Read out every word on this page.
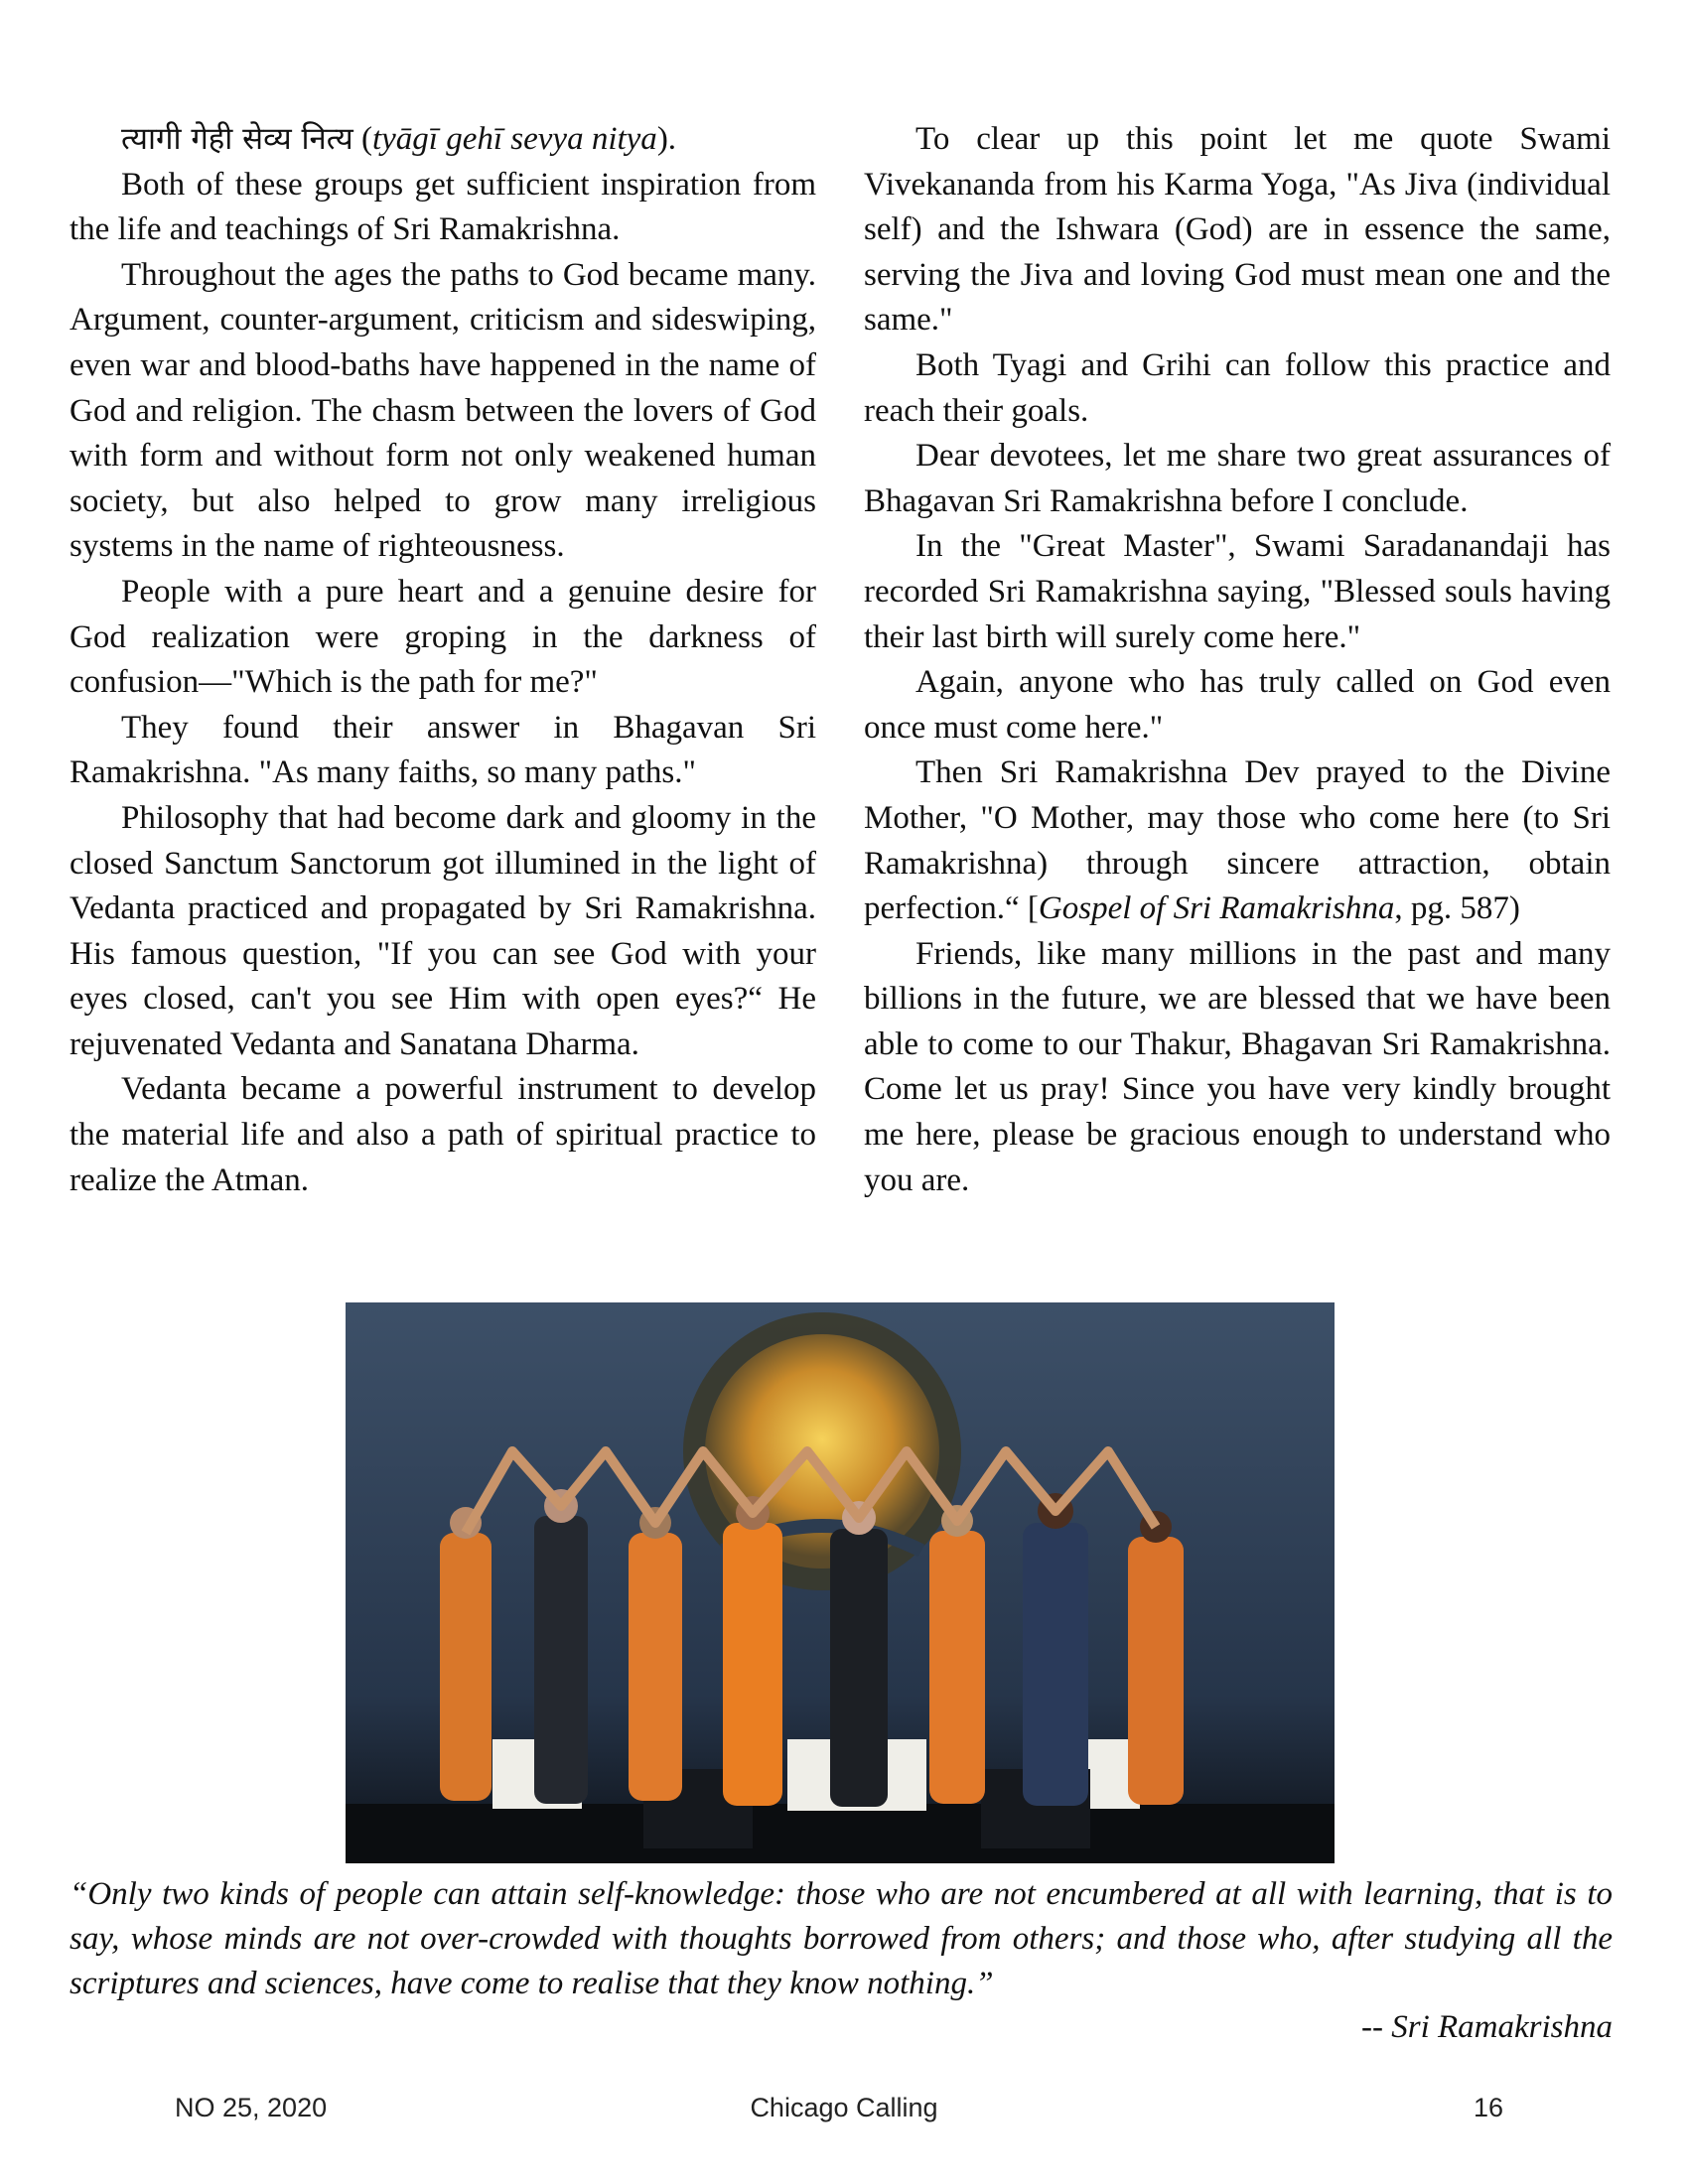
त्यागी गेही सेव्य नित्य (tyāgī gehī sevya nitya).

Both of these groups get sufficient inspiration from the life and teachings of Sri Ramakrishna.

Throughout the ages the paths to God became many. Argument, counter-argument, criticism and sideswiping, even war and blood-baths have happened in the name of God and religion. The chasm between the lovers of God with form and without form not only weakened human society, but also helped to grow many irreligious systems in the name of righteousness.

People with a pure heart and a genuine desire for God realization were groping in the darkness of confusion—"Which is the path for me?"

They found their answer in Bhagavan Sri Ramakrishna. "As many faiths, so many paths."

Philosophy that had become dark and gloomy in the closed Sanctum Sanctorum got illumined in the light of Vedanta practiced and propagated by Sri Ramakrishna. His famous question, "If you can see God with your eyes closed, can't you see Him with open eyes?“ He rejuvenated Vedanta and Sanatana Dharma.

Vedanta became a powerful instrument to develop the material life and also a path of spiritual practice to realize the Atman.

To clear up this point let me quote Swami Vivekananda from his Karma Yoga, "As Jiva (individual self) and the Ishwara (God) are in essence the same, serving the Jiva and loving God must mean one and the same."

Both Tyagi and Grihi can follow this practice and reach their goals.

Dear devotees, let me share two great assurances of Bhagavan Sri Ramakrishna before I conclude.

In the "Great Master", Swami Saradanandaji has recorded Sri Ramakrishna saying, "Blessed souls having their last birth will surely come here."

Again, anyone who has truly called on God even once must come here."

Then Sri Ramakrishna Dev prayed to the Divine Mother, "O Mother, may those who come here (to Sri Ramakrishna) through sincere attraction, obtain perfection.“ [Gospel of Sri Ramakrishna, pg. 587)

Friends, like many millions in the past and many billions in the future, we are blessed that we have been able to come to our Thakur, Bhagavan Sri Ramakrishna. Come let us pray! Since you have very kindly brought me here, please be gracious enough to understand who you are.

“Only two kinds of people can attain self-knowledge: those who are not encumbered at all with learning, that is to say, whose minds are not over-crowded with thoughts borrowed from others; and those who, after studying all the scriptures and sciences, have come to realise that they know nothing.”
-- Sri Ramakrishna
NO 25, 2020	Chicago Calling	16
